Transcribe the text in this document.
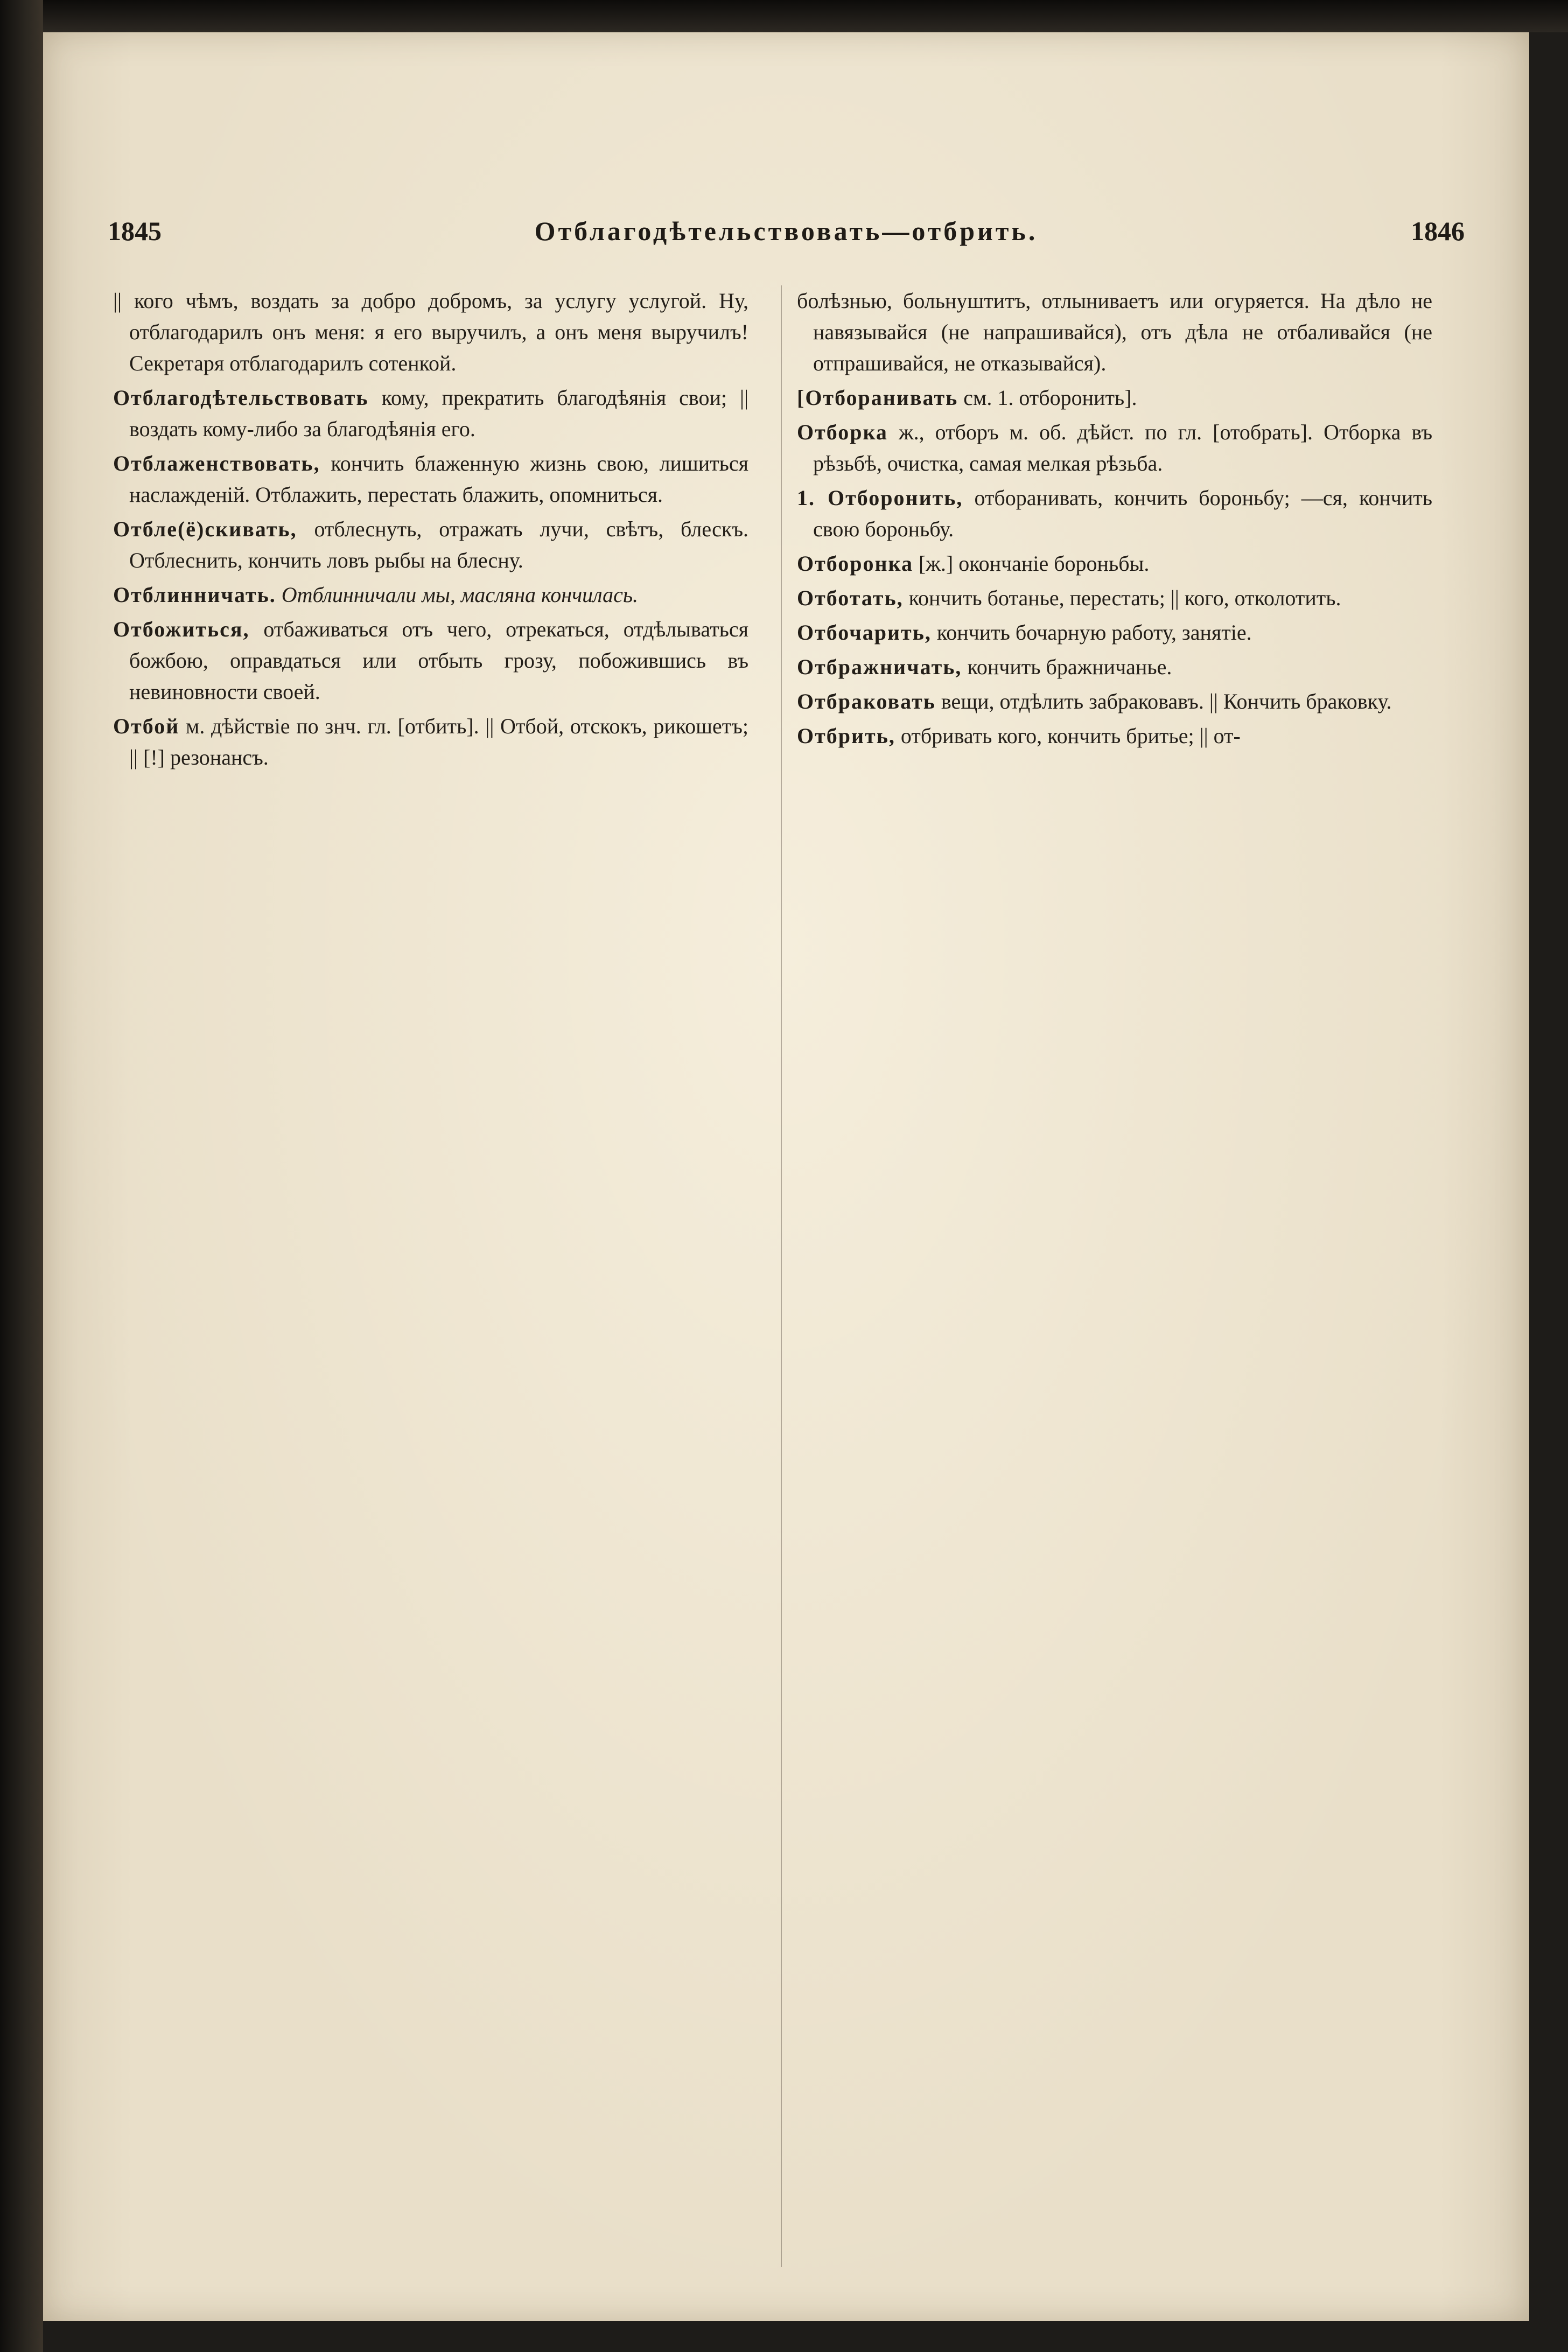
1845	Отблагодѣтельствовать—отбрить.	1846

|| кого чѣмъ, воздать за добро добромъ, за услугу услугой. Ну, отблагодарилъ онъ меня: я его выручилъ, а онъ меня выручилъ! Секретаря отблагодарилъ сотенкой.

Отблагодѣтельствовать кому, прекратить благодѣянія свои; || воздать кому-либо за благодѣянія его.

Отблаженствовать, кончить блаженную жизнь свою, лишиться наслажденій. Отблажить, перестать блажить, опомниться.

Отбле(ё)скивать, отблеснуть, отражать лучи, свѣтъ, блескъ. Отблеснить, кончить ловъ рыбы на блесну.

Отблинничать. Отблинничали мы, масляна кончилась.

Отбожиться, отбаживаться отъ чего, отрекаться, отдѣлываться божбою, оправдаться или отбыть грозу, побожившись въ невиновности своей.

Отбой м. дѣйствіе по знч. гл. [отбить]. || Отбой, отскокъ, рикошетъ; || [!] резонансъ.

болѣзнью, больнуштитъ, отлыниваетъ или огуряется. На дѣло не навязывайся (не напрашивайся), отъ дѣла не отбаливайся (не отпрашивайся, не отказывайся).

[Отборанивать см. 1. отборонить].

Отборка ж., отборъ м. об. дѣйст. по гл. [отобрать]. Отборка въ рѣзьбѣ, очистка, самая мелкая рѣзьба.

1. Отборонить, отборанивать, кончить бороньбу; —ся, кончить свою бороньбу.

Отборонка [ж.] окончаніе бороньбы.

Отботать, кончить ботанье, перестать; || кого, отколотить.

Отбочарить, кончить бочарную работу, занятіе.

Отбражничать, кончить бражничанье.

Отбраковать вещи, отдѣлить забраковавъ. || Кончить браковку.

Отбрить, отбривать кого, кончить бритье; || от-
